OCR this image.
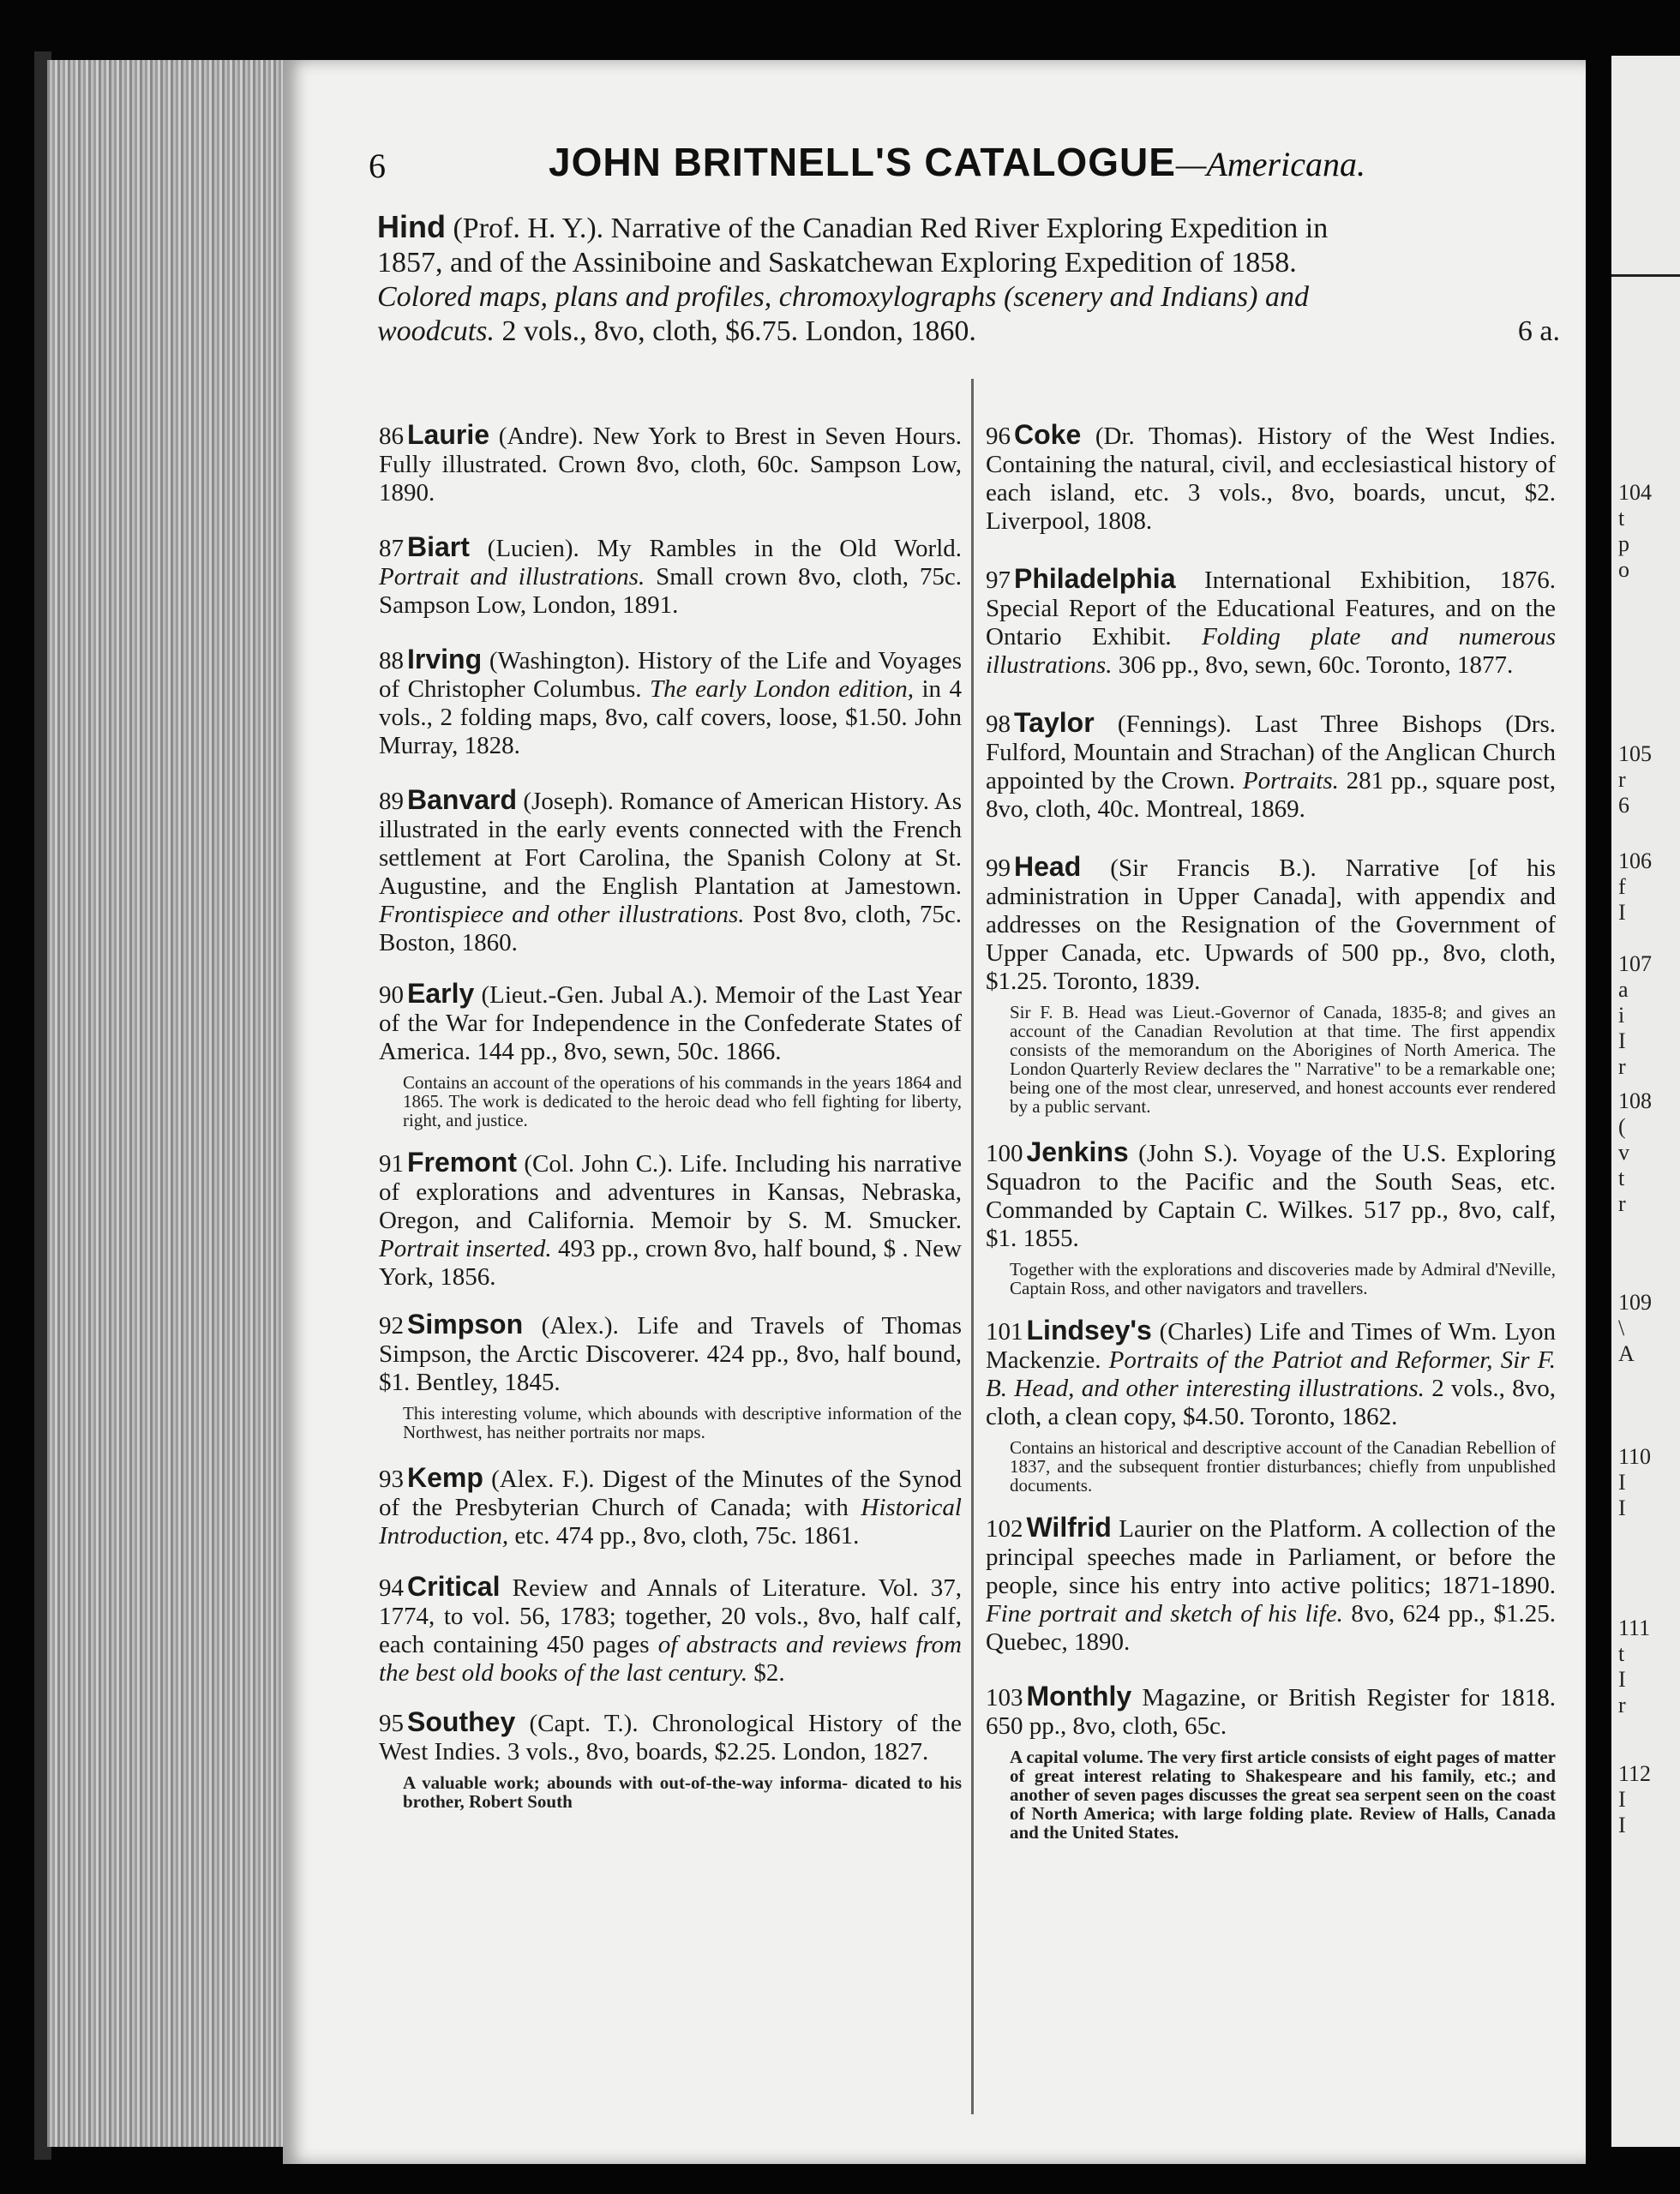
6	JOHN BRITNELL'S CATALOGUE—Americana.
Hind (Prof. H. Y.). Narrative of the Canadian Red River Exploring Expedition in
1857, and of the Assiniboine and Saskatchewan Exploring Expedition of 1858.
Colored maps, plans and profiles, chromoxylographs (scenery and Indians) and
woodcuts. 2 vols., 8vo, cloth, $6.75. London, 1860.	6 a.

86 Laurie (Andre). New York to Brest in Seven Hours. Fully illustrated. Crown 8vo, cloth, 60c. Sampson Low, 1890.

87 Biart (Lucien). My Rambles in the Old World. Portrait and illustrations. Small crown 8vo, cloth, 75c. Sampson Low, London, 1891.

88 Irving (Washington). History of the Life and Voyages of Christopher Columbus. The early London edition, in 4 vols., 2 folding maps, 8vo, calf covers, loose, $1.50. John Murray, 1828.

89 Banvard (Joseph). Romance of American History. As illustrated in the early events connected with the French settlement at Fort Carolina, the Spanish Colony at St. Augustine, and the English Plantation at Jamestown. Frontispiece and other illustrations. Post 8vo, cloth, 75c. Boston, 1860.

90 Early (Lieut.-Gen. Jubal A.). Memoir of the Last Year of the War for Independence in the Confederate States of America. 144 pp., 8vo, sewn, 50c. 1866.

Contains an account of the operations of his commands in the years 1864 and 1865. The work is dedicated to the heroic dead who fell fighting for liberty, right, and justice.

91 Fremont (Col. John C.). Life. Including his narrative of explorations and adventures in Kansas, Nebraska, Oregon, and California. Memoir by S. M. Smucker. Portrait inserted. 493 pp., crown 8vo, half bound, $ . New York, 1856.

92 Simpson (Alex.). Life and Travels of Thomas Simpson, the Arctic Discoverer. 424 pp., 8vo, half bound, $1. Bentley, 1845.

This interesting volume, which abounds with descriptive information of the Northwest, has neither portraits nor maps.

93 Kemp (Alex. F.). Digest of the Minutes of the Synod of the Presbyterian Church of Canada; with Historical Introduction, etc. 474 pp., 8vo, cloth, 75c. 1861.

94 Critical Review and Annals of Literature. Vol. 37, 1774, to vol. 56, 1783; together, 20 vols., 8vo, half calf, each containing 450 pages of abstracts and reviews from the best old books of the last century. $2.

95 Southey (Capt. T.). Chronological History of the West Indies. 3 vols., 8vo, boards, $2.25. London, 1827.

A valuable work; abounds with out-of-the-way informa- dicated to his brother, Robert South

96 Coke (Dr. Thomas). History of the West Indies. Containing the natural, civil, and ecclesiastical history of each island, etc. 3 vols., 8vo, boards, uncut, $2. Liverpool, 1808.

97 Philadelphia International Exhibition, 1876. Special Report of the Educational Features, and on the Ontario Exhibit. Folding plate and numerous illustrations. 306 pp., 8vo, sewn, 60c. Toronto, 1877.

98 Taylor (Fennings). Last Three Bishops (Drs. Fulford, Mountain and Strachan) of the Anglican Church appointed by the Crown. Portraits. 281 pp., square post, 8vo, cloth, 40c. Montreal, 1869.

99 Head (Sir Francis B.). Narrative [of his administration in Upper Canada], with appendix and addresses on the Resignation of the Government of Upper Canada, etc. Upwards of 500 pp., 8vo, cloth, $1.25. Toronto, 1839.

Sir F. B. Head was Lieut.-Governor of Canada, 1835-8; and gives an account of the Canadian Revolution at that time. The first appendix consists of the memorandum on the Aborigines of North America. The London Quarterly Review declares the " Narrative" to be a remarkable one; being one of the most clear, unreserved, and honest accounts ever rendered by a public servant.

100 Jenkins (John S.). Voyage of the U.S. Exploring Squadron to the Pacific and the South Seas, etc. Commanded by Captain C. Wilkes. 517 pp., 8vo, calf, $1. 1855.

Together with the explorations and discoveries made by Admiral d'Neville, Captain Ross, and other navigators and travellers.

101 Lindsey's (Charles) Life and Times of Wm. Lyon Mackenzie. Portraits of the Patriot and Reformer, Sir F. B. Head, and other interesting illustrations. 2 vols., 8vo, cloth, a clean copy, $4.50. Toronto, 1862.

Contains an historical and descriptive account of the Canadian Rebellion of 1837, and the subsequent frontier disturbances; chiefly from unpublished documents.

102 Wilfrid Laurier on the Platform. A collection of the principal speeches made in Parliament, or before the people, since his entry into active politics; 1871-1890. Fine portrait and sketch of his life. 8vo, 624 pp., $1.25. Quebec, 1890.

103 Monthly Magazine, or British Register for 1818. 650 pp., 8vo, cloth, 65c.

A capital volume. The very first article consists of eight pages of matter of great interest relating to Shakespeare and his family, etc.; and another of seven pages discusses the great sea serpent seen on the coast of North America; with large folding plate. Review of Halls, Canada and the United States.
104
t
p
o
105
r
6
106
f
I
107
a
i
I
r
108
(
v
t
r
109
\
A
110
I
I
111
t
I
r
112
I
I
